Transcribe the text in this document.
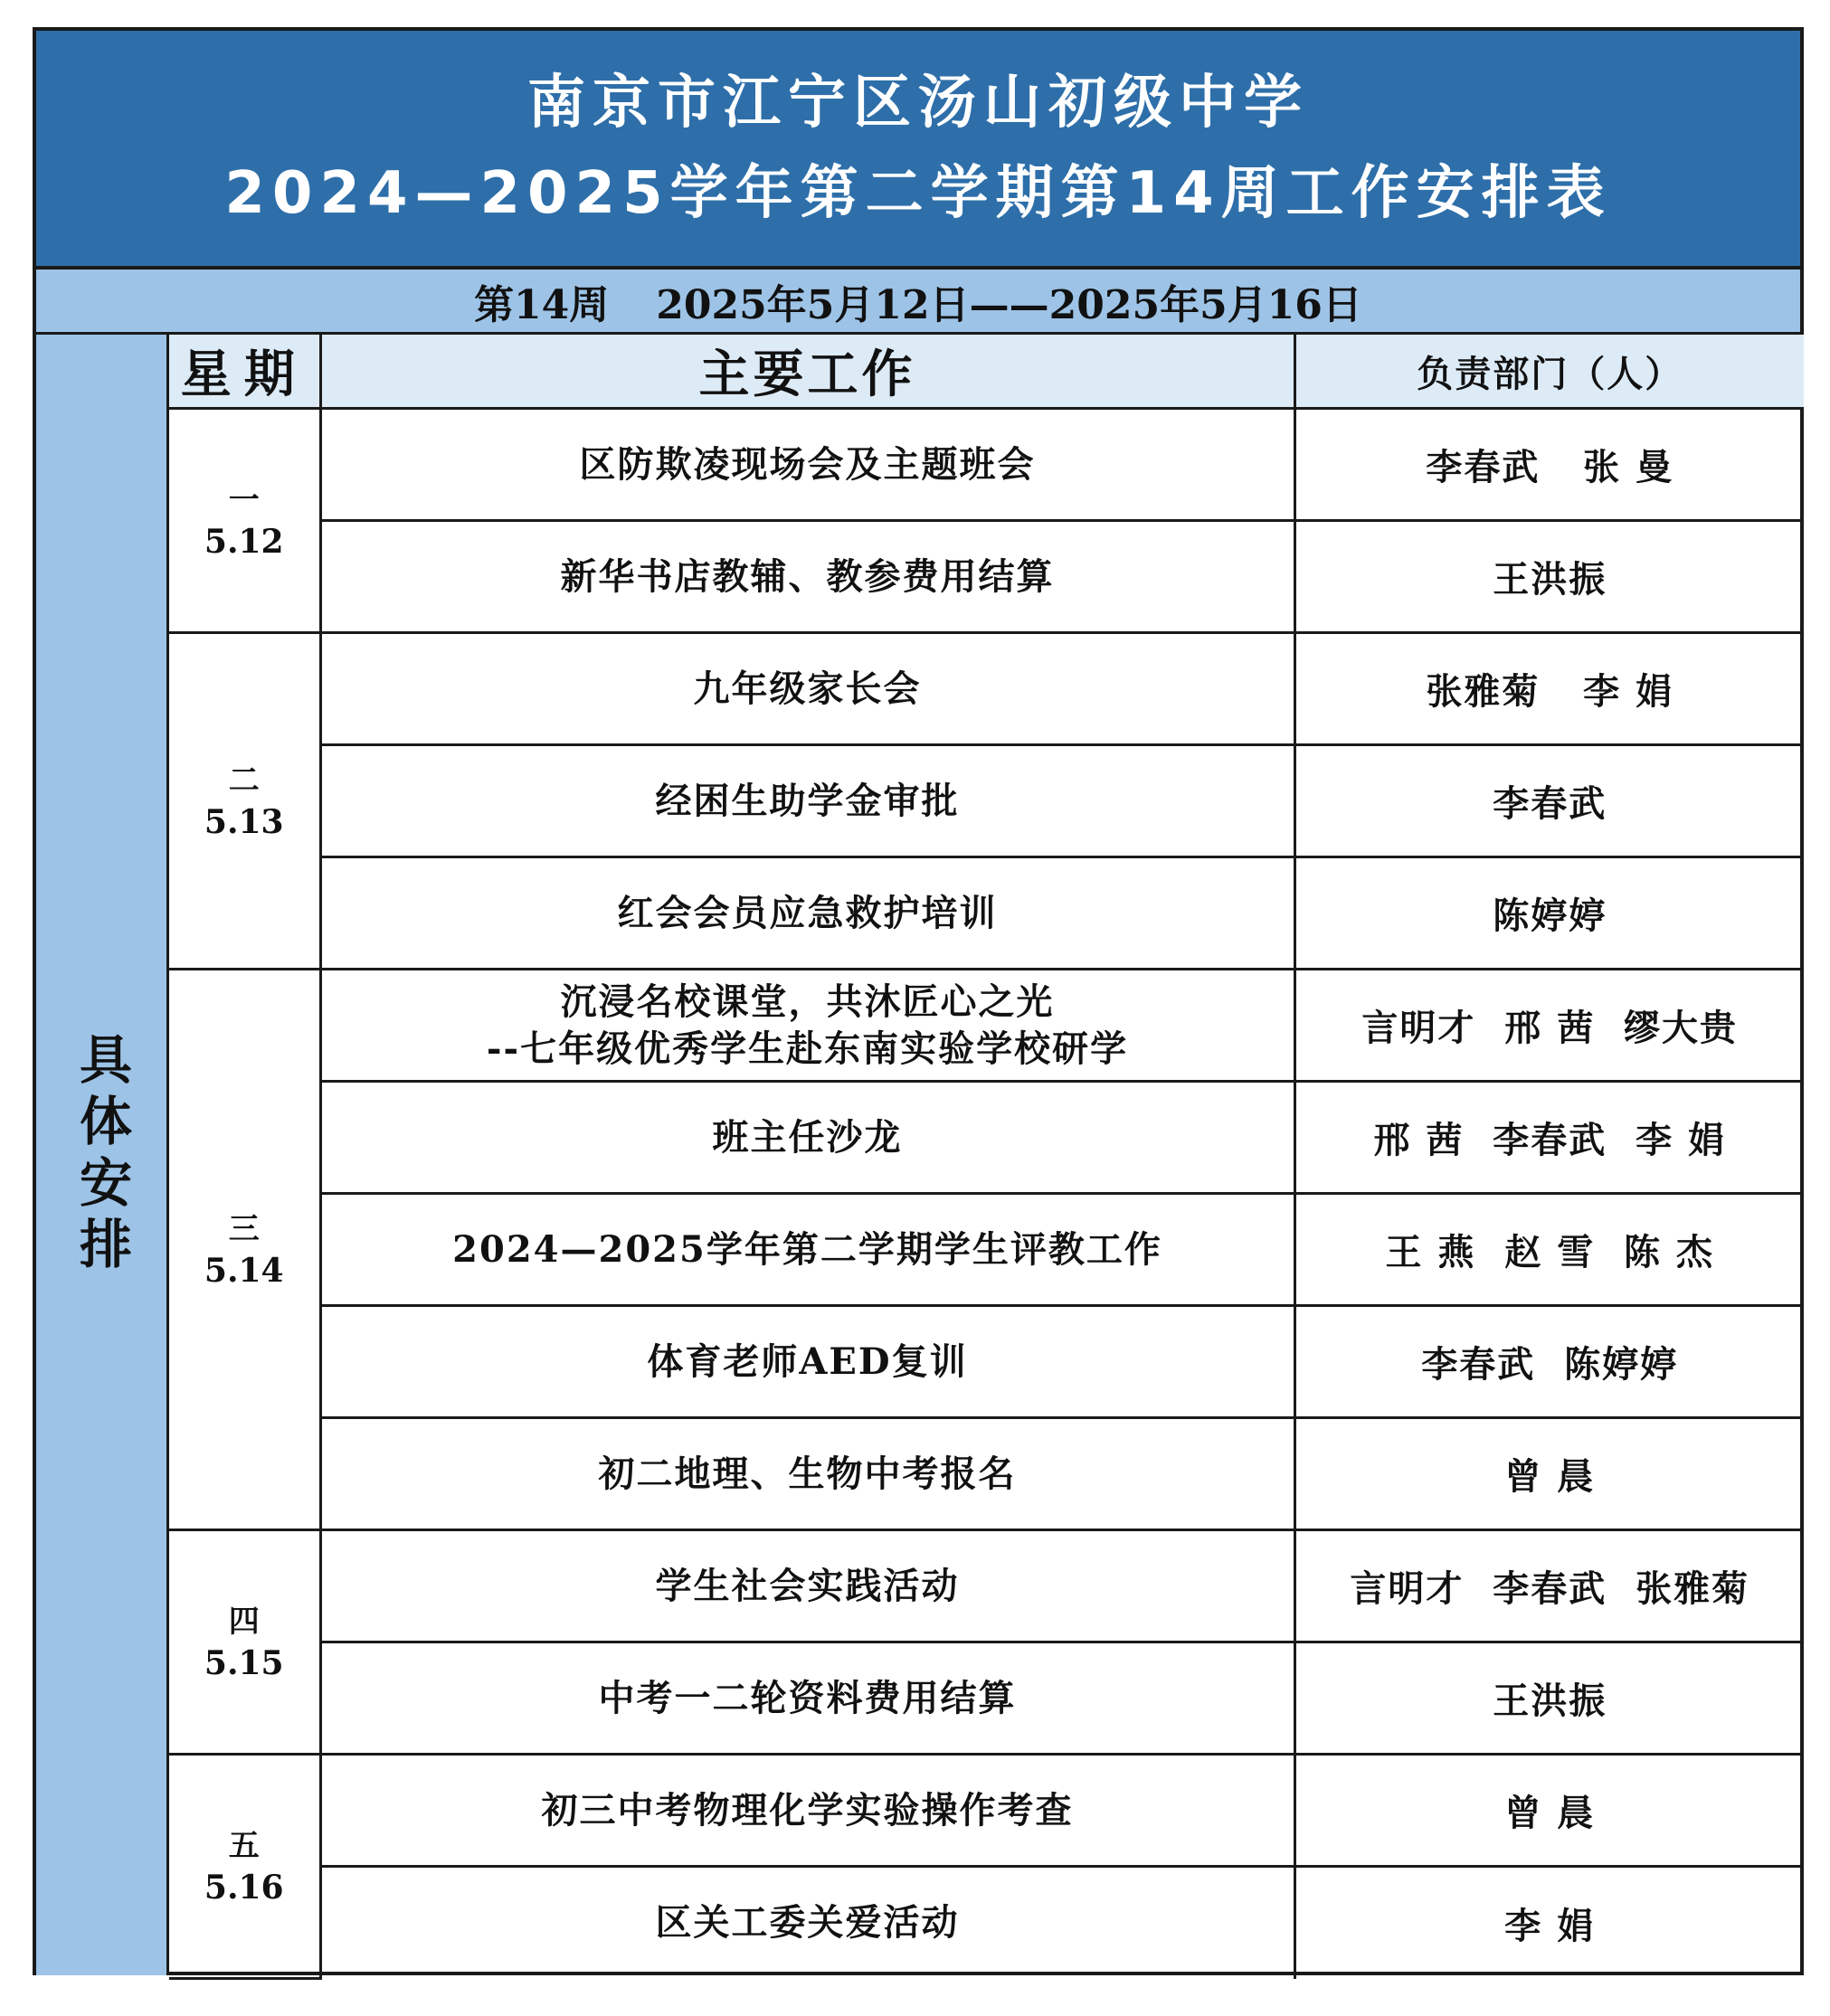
南京市江宁区汤山初级中学
2024—2025学年第二学期第14周工作安排表
第14周 2025年5月12日——2025年5月16日
具体安排
星期	主要工作	负责部门（人）

一
5.12	区防欺凌现场会及主题班会	李春武   张 曼

	新华书店教辅、教参费用结算	王洪振

二
5.13	九年级家长会	张雅菊   李 娟

	经困生助学金审批	李春武

	红会会员应急救护培训	陈婷婷

三
5.14	沉浸名校课堂，共沐匠心之光
--七年级优秀学生赴东南实验学校研学	言明才  邢 茜  缪大贵

	班主任沙龙	邢 茜  李春武  李 娟

	2024—2025学年第二学期学生评教工作	王 燕  赵 雪  陈 杰

	体育老师AED复训	李春武  陈婷婷

	初二地理、生物中考报名	曾 晨

四
5.15	学生社会实践活动	言明才  李春武  张雅菊

	中考一二轮资料费用结算	王洪振

五
5.16	初三中考物理化学实验操作考查	曾 晨

	区关工委关爱活动	李 娟
